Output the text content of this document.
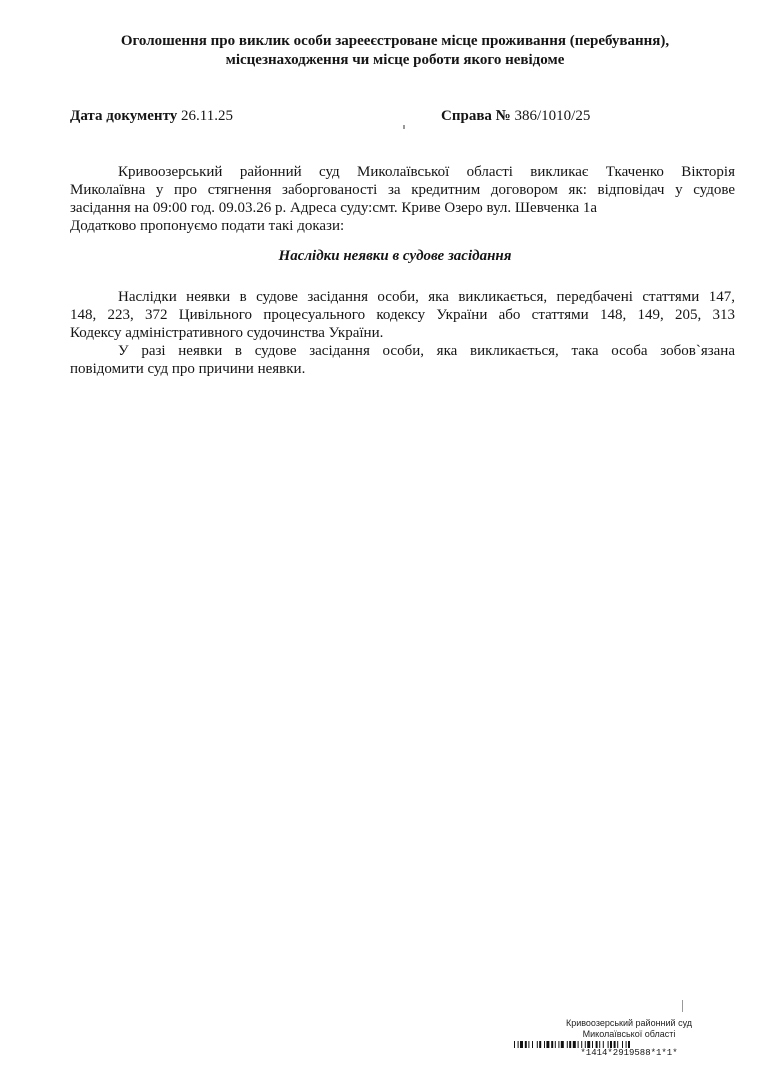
Оголошення про виклик особи зарееєстроване місце проживання (перебування),
місцезнаходження чи місце роботи якого невідоме
Дата документу 26.11.25	Справа № 386/1010/25
Кривоозерський районний суд Миколаївської області викликає Ткаченко Вікторія
Миколаївна у про стягнення заборгованості за кредитним договором як: відповідач у судове
засідання на 09:00 год. 09.03.26 р. Адреса суду:смт. Криве Озеро вул. Шевченка 1а
Додатково пропонуємо подати такі докази:
Наслідки неявки в судове засідання
Наслідки неявки в судове засідання особи, яка викликається, передбачені статтями 147,
148, 223, 372 Цивільного процесуального кодексу України або статтями 148, 149, 205, 313
Кодексу адміністративного судочинства України.
У разі неявки в судове засідання особи, яка викликається, така особа зобов`язана
повідомити суд про причини неявки.
Кривоозерський районний суд
Миколаївської області
*1414*2919588*1*1*
